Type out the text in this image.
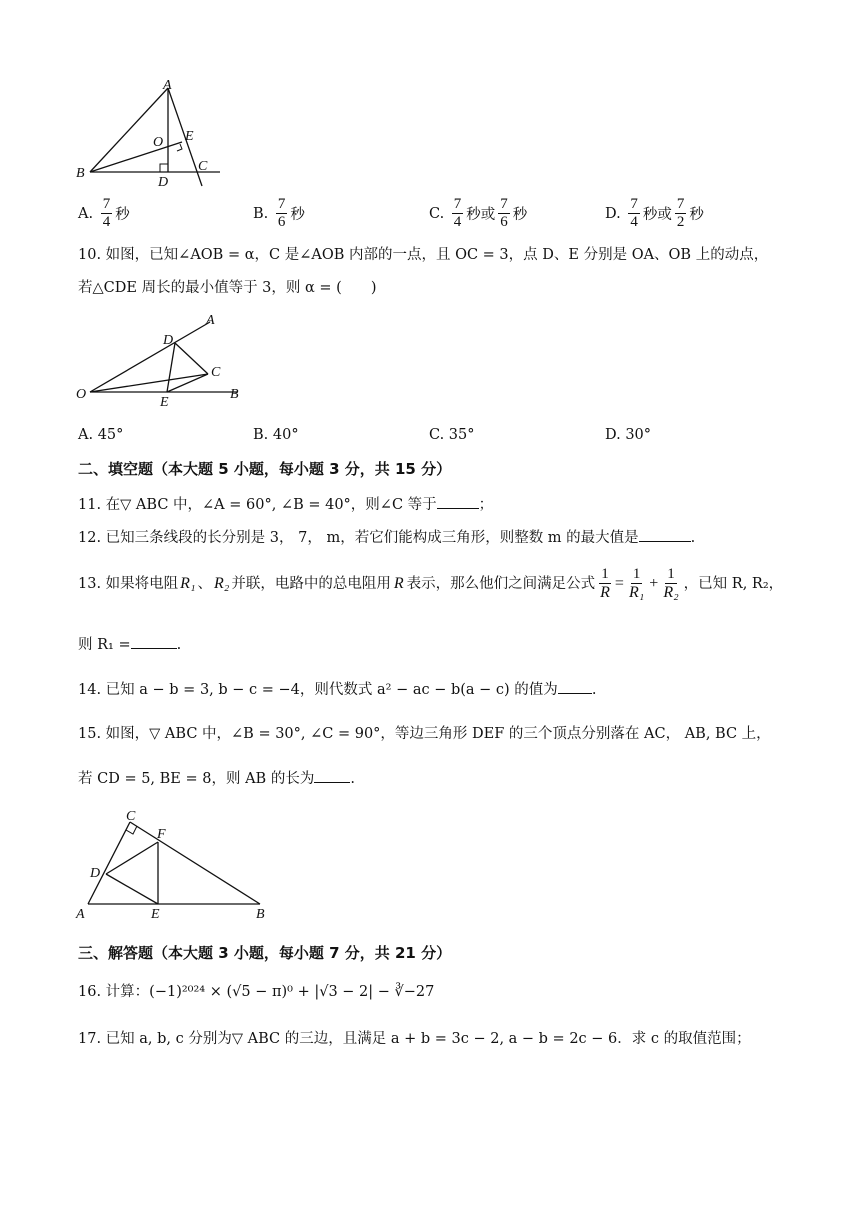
A
B	C
D
E
O
A.
$\frac{7}{4}$ 秒	B.
$\frac{7}{6}$ 秒	C.
$\frac{7}{4}$ 秒或 $\frac{7}{6}$ 秒	D.
$\frac{7}{4}$ 秒或 $\frac{7}{2}$ 秒
10. 如图，已知∠AOB = α，C 是∠AOB 内部的一点，且 OC = 3，点 D、E 分别是 OA、OB 上的动点，
若△CDE 周长的最小值等于 3，则 α = (　　)
A
B
C
D
E
O
A. 45°	B. 40°	C. 35°	D. 30°
二、填空题（本大题 5 小题，每小题 3 分，共 15 分）
11. 在▽ ABC 中，∠A = 60°, ∠B = 40°，则∠C 等于	；
12. 已知三条线段的长分别是 3， 7， m，若它们能构成三角形，则整数 m 的最大值是	.
13. 如果将电阻 R₁ 、 R₂ 并联，电路中的总电阻用 R 表示，那么他们之间满足公式 $\frac{1}{R} = \frac{1}{\text{R₁}} + \frac{1}{\text{R₂}}$ ，已知 R, R₂，
则 R₁ =	.
14. 已知 a − b = 3, b − c = −4，则代数式 a² − ac − b(a − c) 的值为 .
15. 如图，▽ ABC 中，∠B = 30°, ∠C = 90°，等边三角形 DEF 的三个顶点分别落在 AC， AB, BC 上，
若 CD = 5, BE = 8，则 AB 的长为 .
A	B
C
D
E
F
三、解答题（本大题 3 小题，每小题 7 分，共 21 分）
16. 计算：(−1)²⁰²⁴ × (√5 − π)⁰ + |√3 − 2| − ∛−27
17. 已知 a, b, c 分别为▽ ABC 的三边，且满足 a + b = 3c − 2, a − b = 2c − 6．求 c 的取值范围；
